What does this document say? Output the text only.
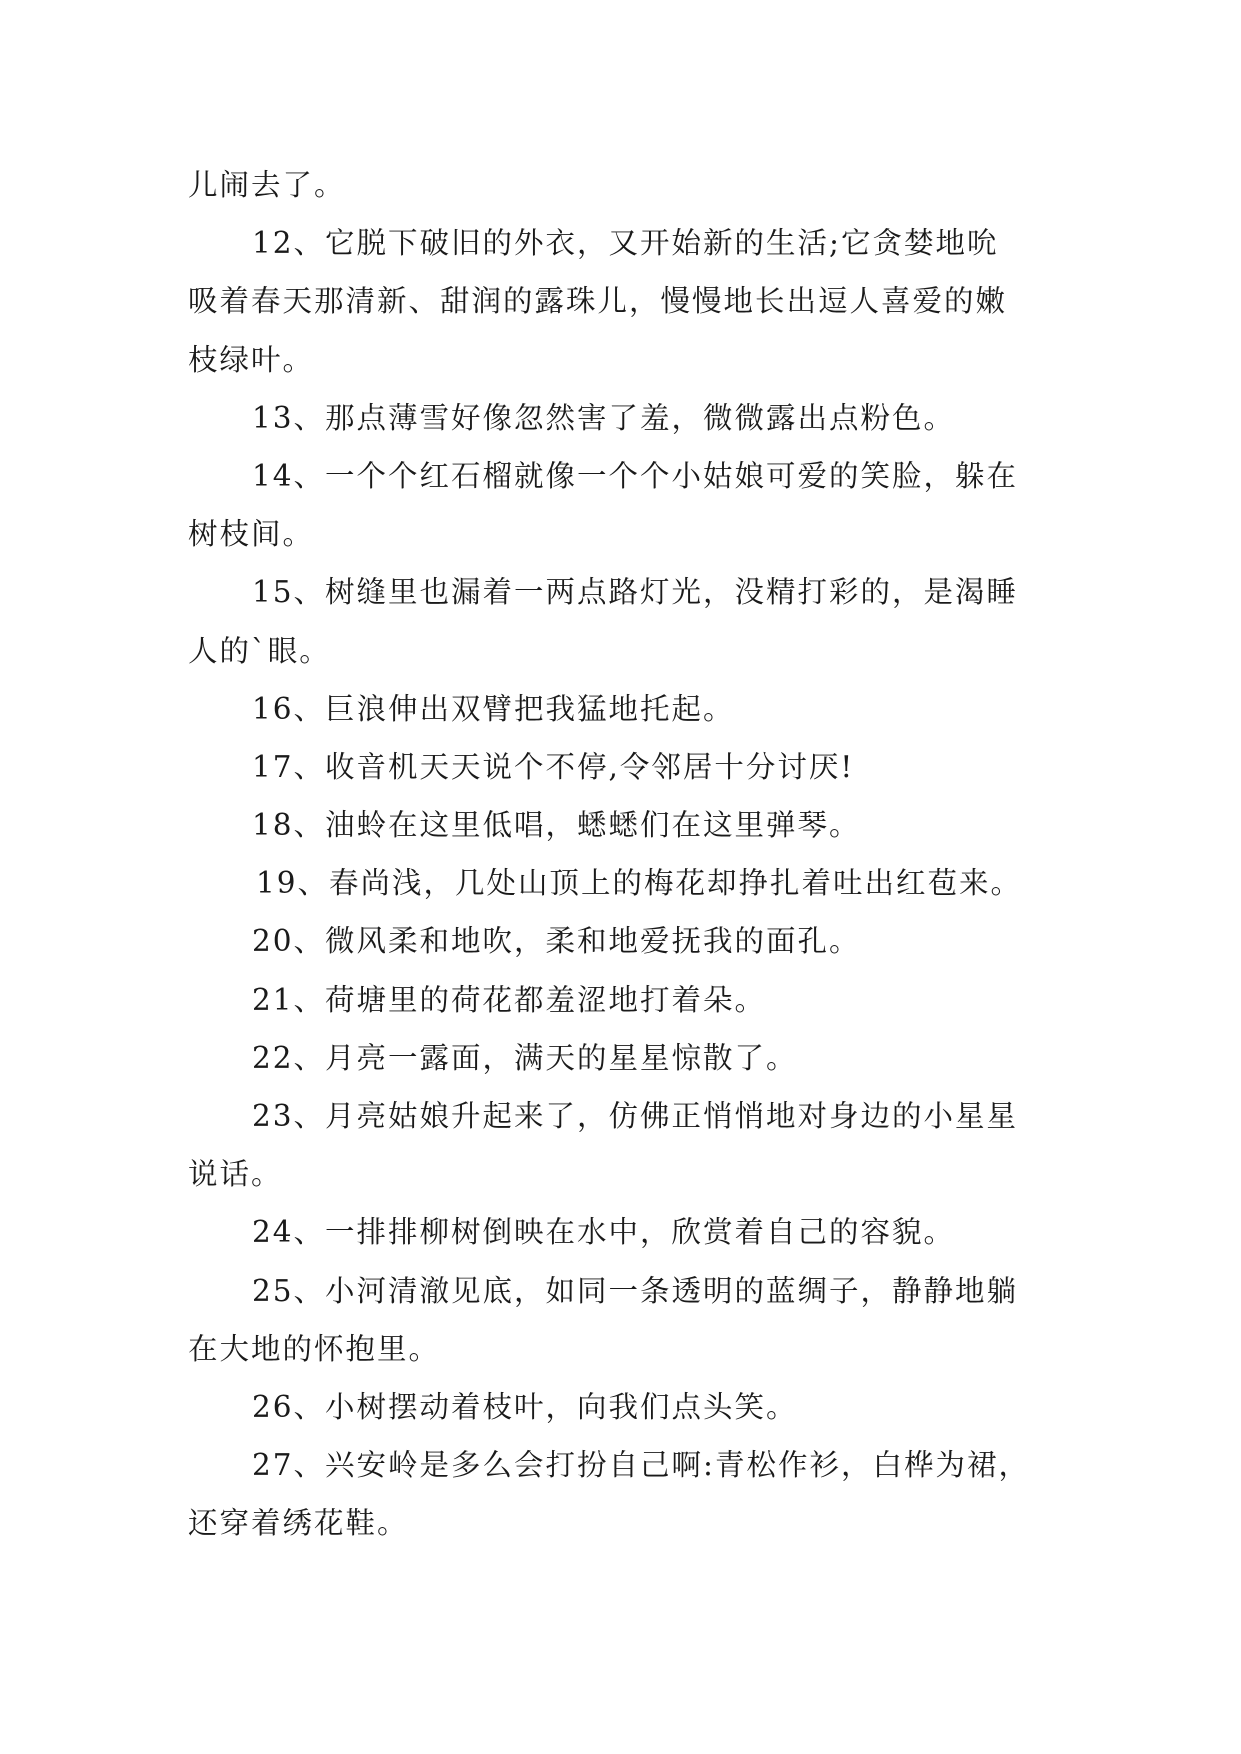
儿闹去了。
12、它脱下破旧的外衣，又开始新的生活;它贪婪地吮
吸着春天那清新、甜润的露珠儿，慢慢地长出逗人喜爱的嫩
枝绿叶。
13、那点薄雪好像忽然害了羞，微微露出点粉色。
14、一个个红石榴就像一个个小姑娘可爱的笑脸，躲在
树枝间。
15、树缝里也漏着一两点路灯光，没精打彩的，是渴睡
人的`眼。
16、巨浪伸出双臂把我猛地托起。
17、收音机天天说个不停,令邻居十分讨厌!
18、油蛉在这里低唱，蟋蟋们在这里弹琴。
19、春尚浅，几处山顶上的梅花却挣扎着吐出红苞来。
20、微风柔和地吹，柔和地爱抚我的面孔。
21、荷塘里的荷花都羞涩地打着朵。
22、月亮一露面，满天的星星惊散了。
23、月亮姑娘升起来了，仿佛正悄悄地对身边的小星星
说话。
24、一排排柳树倒映在水中，欣赏着自己的容貌。
25、小河清澈见底，如同一条透明的蓝绸子，静静地躺
在大地的怀抱里。
26、小树摆动着枝叶，向我们点头笑。
27、兴安岭是多么会打扮自己啊:青松作衫，白桦为裙，
还穿着绣花鞋。
